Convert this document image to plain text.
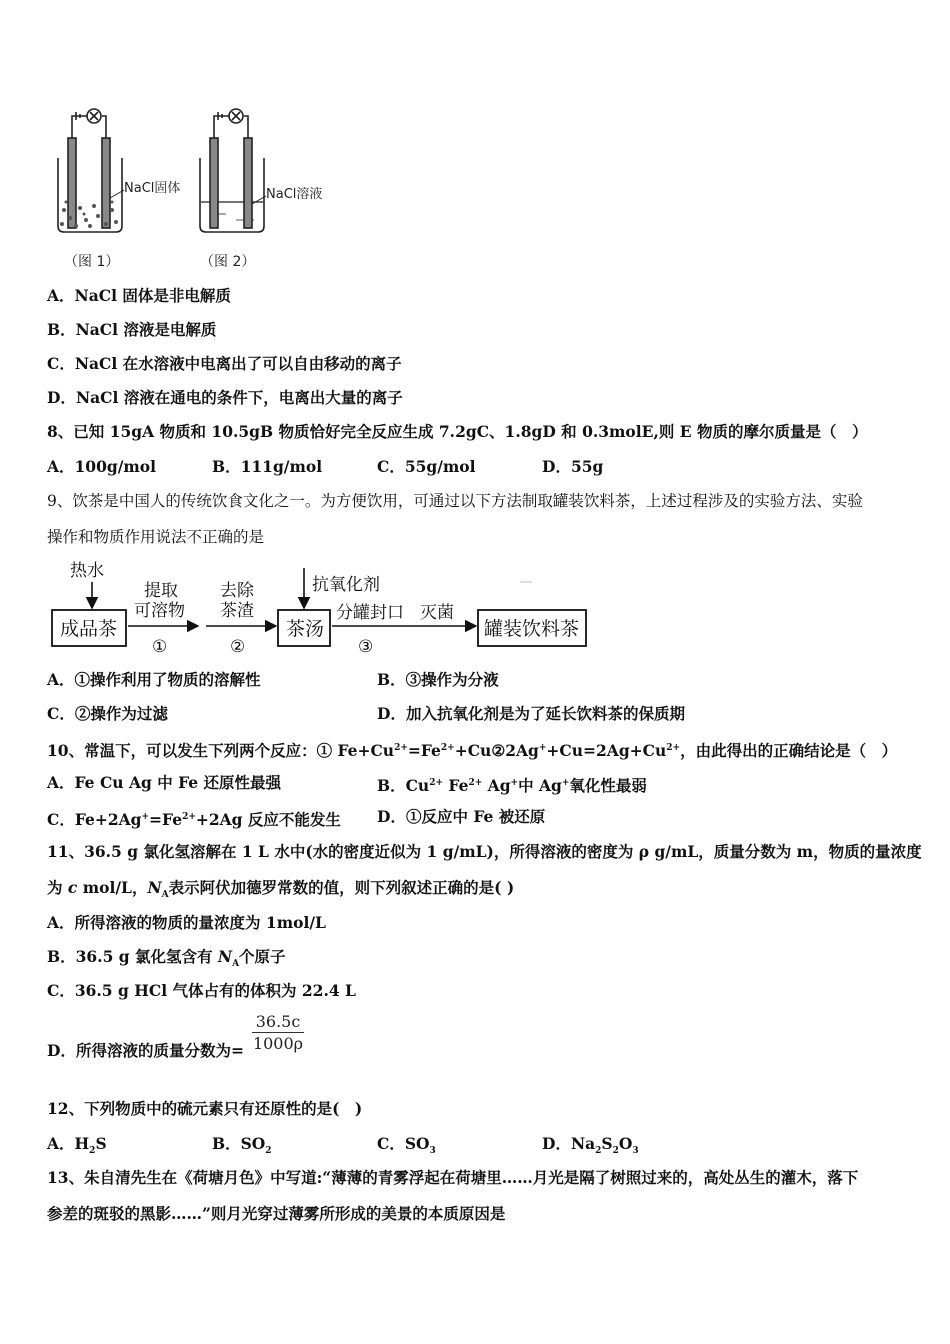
NaCl固体
（图 1）
NaCl溶液
（图 2）
A．NaCl 固体是非电解质
B．NaCl 溶液是电解质
C．NaCl 在水溶液中电离出了可以自由移动的离子
D．NaCl 溶液在通电的条件下，电离出大量的离子
8、已知 15gA 物质和 10.5gB 物质恰好完全反应生成 7.2gC、1.8gD 和 0.3molE,则 E 物质的摩尔质量是（　）
A．100g/mol	B．111g/mol	C．55g/mol	D．55g
9、饮茶是中国人的传统饮食文化之一。为方便饮用，可通过以下方法制取罐装饮料茶，上述过程涉及的实验方法、实验
操作和物质作用说法不正确的是
热水
成品茶
提取
可溶物
①
去除
茶渣
②
抗氧化剂
茶汤
分罐封口
③
灭菌
罐装饮料茶
A．①操作利用了物质的溶解性	B．③操作为分液
C．②操作为过滤	D．加入抗氧化剂是为了延长饮料茶的保质期
10、常温下，可以发生下列两个反应：① $Fe+Cu^{2+}=Fe^{2+}+Cu②2Ag^++Cu=2Ag+Cu^{2+}$，由此得出的正确结论是（　）
A．Fe Cu Ag 中 Fe 还原性最强	B．$Cu^{2+}$ $Fe^{2+}$ Ag+中 Ag+氧化性最弱
C．$Fe+2Ag^+=Fe^{2+}+2Ag$ 反应不能发生 D．①反应中 Fe 被还原
11、36.5 g 氯化氢溶解在 1 L 水中(水的密度近似为 1 g/mL)，所得溶液的密度为 ρ g/mL，质量分数为 m，物质的量浓度
为 c mol/L，$N_A$表示阿伏加德罗常数的值，则下列叙述正确的是( )
A．所得溶液的物质的量浓度为 1mol/L
B．36.5 g 氯化氢含有 $N_A$个原子
C．36.5 g HCl 气体占有的体积为 22.4 L
D．所得溶液的质量分数为= $\frac{36.5c}{1000\rho}$
12、下列物质中的硫元素只有还原性的是(　)
A．$H_2S$	B．$SO_2$	C．$SO_3$	D．$Na_2S_2O_3$
13、朱自清先生在《荷塘月色》中写道:“薄薄的青雾浮起在荷塘里……月光是隔了树照过来的，高处丛生的灌木，落下
参差的斑驳的黑影……”则月光穿过薄雾所形成的美景的本质原因是
